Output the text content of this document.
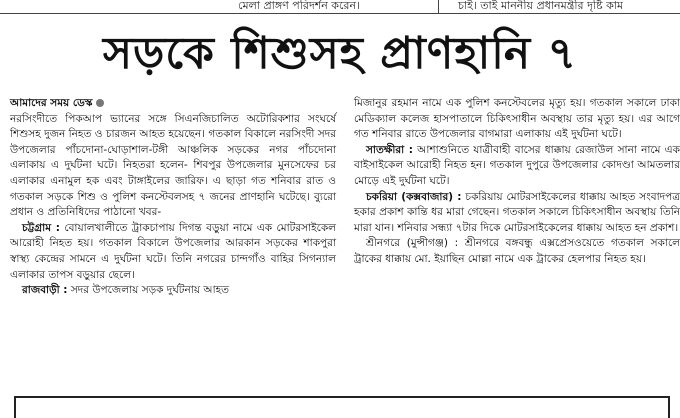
মেলা প্রাঙ্গণ পরিদর্শন করেন।	চাই। তাই মাননীয় প্রধানমন্ত্রীর দৃষ্টি কাম
সড়কে শিশুসহ প্রাণহানি ৭

আমাদের সময় ডেস্ক

নরসিংদীতে পিকআপ ভ্যানের সঙ্গে সিএনজিচালিত অটোরিকশার সংঘর্ষে শিশুসহ দুজন নিহত ও চারজন আহত হয়েছেন। গতকাল বিকালে নরসিংদী সদর উপজেলার পাঁচদোনা-ঘোড়াশাল-টঙ্গী আঞ্চলিক সড়কের নগর পাঁচদোনা এলাকায় এ দুর্ঘটনা ঘটে। নিহতরা হলেন- শিবপুর উপজেলার মুনসেফের চর এলাকার এনামুল হক এবং টাঙ্গাইলের জারিফ। এ ছাড়া গত শনিবার রাত ও গতকাল সড়কে শিশু ও পুলিশ কনস্টেবলসহ ৭ জনের প্রাণহানি ঘটেছে। ব্যুরো প্রধান ও প্রতিনিধিদের পাঠানো খবর-

চট্টগ্রাম : বোয়ালখালীতে ট্রাকচাপায় দিগন্ত বড়ুয়া নামে এক মোটরসাইকেল আরোহী নিহত হয়। গতকাল বিকালে উপজেলার আরকান সড়কের শাকপুরা স্বাস্থ্য কেন্দ্রের সামনে এ দুর্ঘটনা ঘটে। তিনি নগরের চান্দগাঁও বাহির সিগন্যাল এলাকার তাপস বড়ুয়ার ছেলে।

রাজবাড়ী : সদর উপজেলায় সড়ক দুর্ঘটনায় আহত

মিজানুর রহমান নামে এক পুলিশ কনস্টেবলের মৃত্যু হয়। গতকাল সকালে ঢাকা মেডিক্যাল কলেজ হাসপাতালে চিকিৎসাধীন অবস্থায় তার মৃত্যু হয়। এর আগে গত শনিবার রাতে উপজেলার বাগমারা এলাকায় এই দুর্ঘটনা ঘটে।

সাতক্ষীরা : আশাশুনিতে যাত্রীবাহী বাসের ধাক্কায় রেজাউল সানা নামে এক বাইসাইকেল আরোহী নিহত হন। গতকাল দুপুরে উপজেলার কোদণ্ডা আমতলার মোড়ে এই দুর্ঘটনা ঘটে।

চকরিয়া (কক্সবাজার) : চকরিয়ায় মোটরসাইকেলের ধাক্কায় আহত সংবাদপত্র হকার প্রকাশ কান্তি ধর মারা গেছেন। গতকাল সকালে চিকিৎসাধীন অবস্থায় তিনি মারা যান। শনিবার সন্ধ্যা ৭টার দিকে মোটরসাইকেলের ধাক্কায় আহত হন প্রকাশ।

শ্রীনগরে (মুন্সীগঞ্জ) : শ্রীনগরে বঙ্গবন্ধু এক্সপ্রেসওয়েতে গতকাল সকালে ট্রাকের ধাক্কায় মো. ইয়াছিন মোল্লা নামে এক ট্রাকের হেলপার নিহত হয়।
